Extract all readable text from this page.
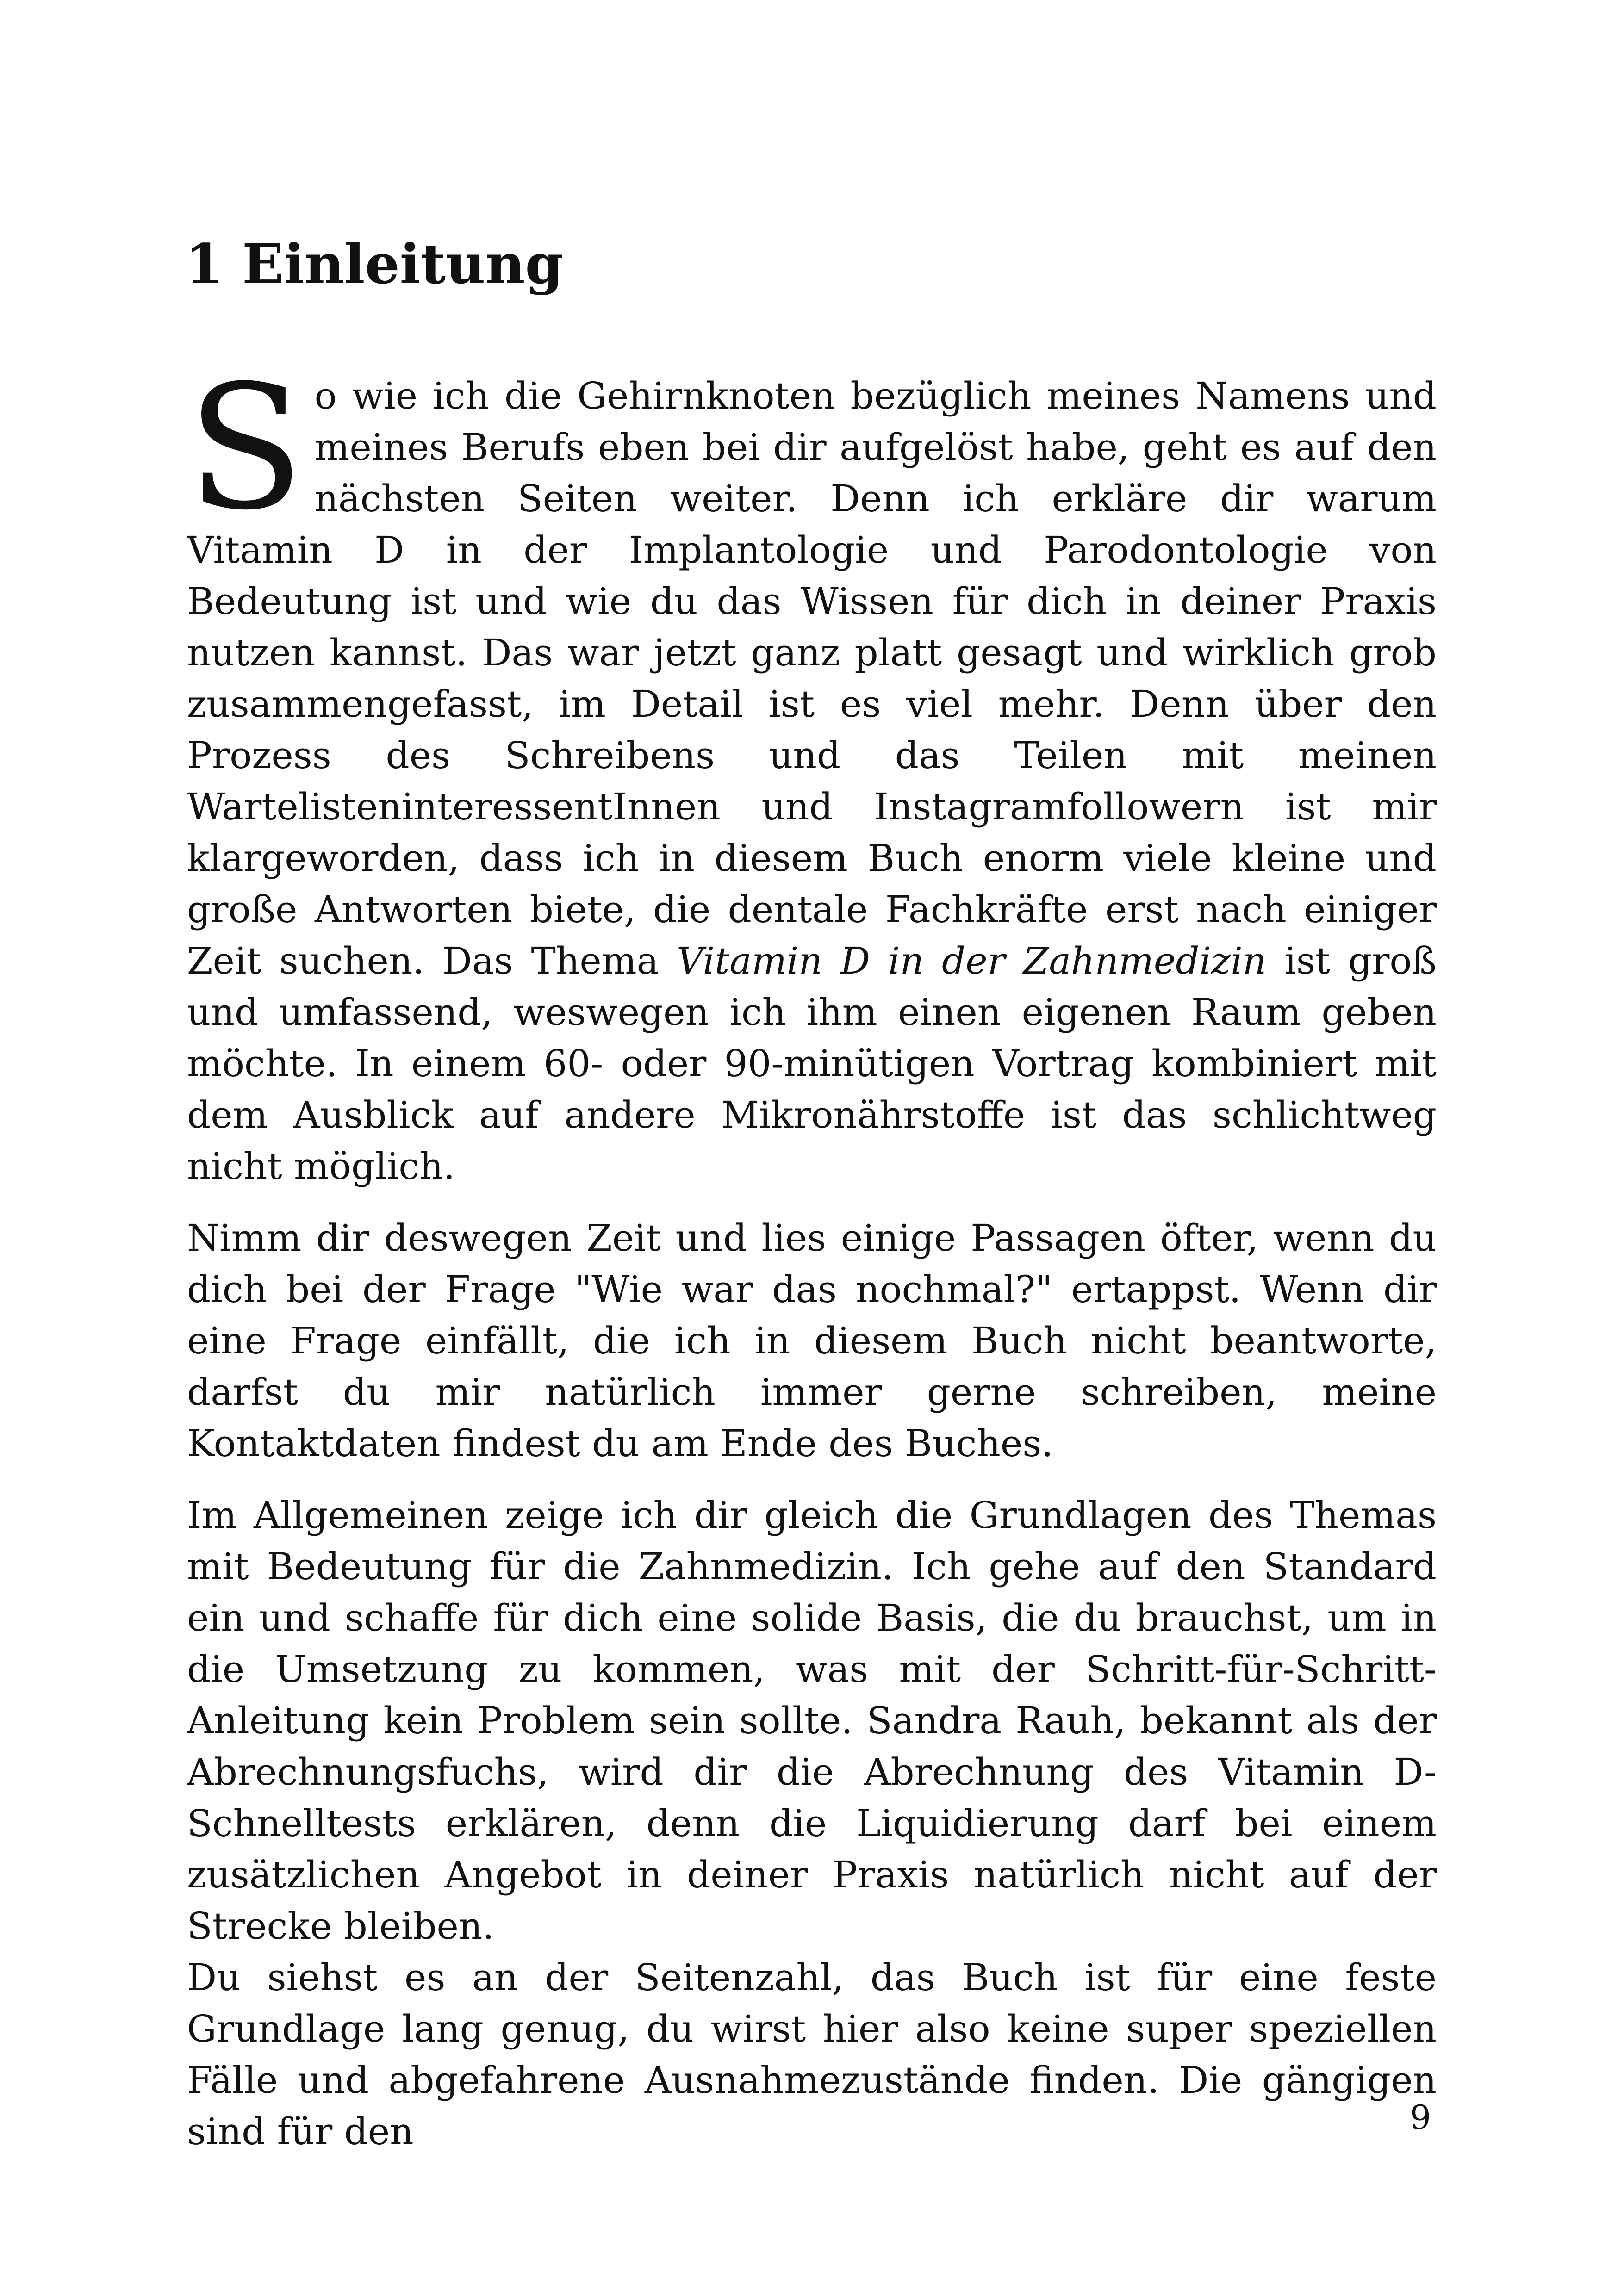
1 Einleitung

So wie ich die Gehirnknoten bezüglich meines Namens und meines Berufs eben bei dir aufgelöst habe, geht es auf den nächsten Seiten weiter. Denn ich erkläre dir warum Vitamin D in der Implantologie und Parodontologie von Bedeutung ist und wie du das Wissen für dich in deiner Praxis nutzen kannst. Das war jetzt ganz platt gesagt und wirklich grob zusammengefasst, im Detail ist es viel mehr. Denn über den Prozess des Schreibens und das Teilen mit meinen WartelisteninteressentInnen und Instagramfollowern ist mir klargeworden, dass ich in diesem Buch enorm viele kleine und große Antworten biete, die dentale Fachkräfte erst nach einiger Zeit suchen. Das Thema Vitamin D in der Zahnmedizin ist groß und umfassend, weswegen ich ihm einen eigenen Raum geben möchte. In einem 60- oder 90-minütigen Vortrag kombiniert mit dem Ausblick auf andere Mikronährstoffe ist das schlichtweg nicht möglich.

Nimm dir deswegen Zeit und lies einige Passagen öfter, wenn du dich bei der Frage "Wie war das nochmal?" ertappst. Wenn dir eine Frage einfällt, die ich in diesem Buch nicht beantworte, darfst du mir natürlich immer gerne schreiben, meine Kontaktdaten findest du am Ende des Buches.

Im Allgemeinen zeige ich dir gleich die Grundlagen des Themas mit Bedeutung für die Zahnmedizin. Ich gehe auf den Standard ein und schaffe für dich eine solide Basis, die du brauchst, um in die Umsetzung zu kommen, was mit der Schritt-für-Schritt-Anleitung kein Problem sein sollte. Sandra Rauh, bekannt als der Abrechnungsfuchs, wird dir die Abrechnung des Vitamin D-Schnelltests erklären, denn die Liquidierung darf bei einem zusätzlichen Angebot in deiner Praxis natürlich nicht auf der Strecke bleiben.

Du siehst es an der Seitenzahl, das Buch ist für eine feste Grundlage lang genug, du wirst hier also keine super speziellen Fälle und abgefahrene Ausnahmezustände finden. Die gängigen sind für den	9
